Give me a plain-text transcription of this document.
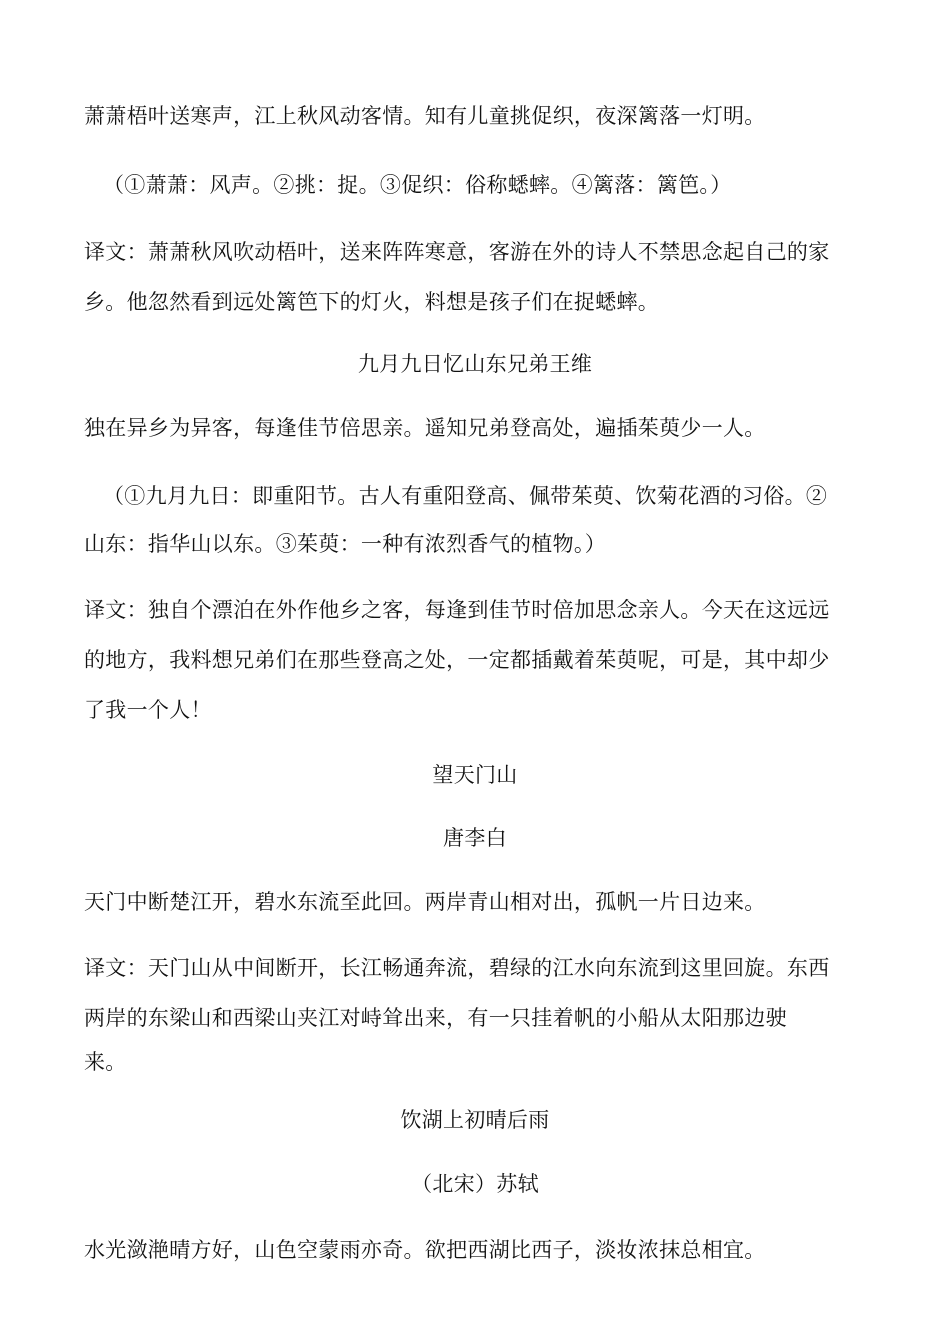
萧萧梧叶送寒声，江上秋风动客情。知有儿童挑促织，夜深篱落一灯明。
（①萧萧：风声。②挑：捉。③促织：俗称蟋蟀。④篱落：篱笆。）
译文：萧萧秋风吹动梧叶，送来阵阵寒意，客游在外的诗人不禁思念起自己的家
乡。他忽然看到远处篱笆下的灯火，料想是孩子们在捉蟋蟀。
九月九日忆山东兄弟王维
独在异乡为异客，每逢佳节倍思亲。遥知兄弟登高处，遍插茱萸少一人。
（①九月九日：即重阳节。古人有重阳登高、佩带茱萸、饮菊花酒的习俗。②
山东：指华山以东。③茱萸：一种有浓烈香气的植物。）
译文：独自个漂泊在外作他乡之客，每逢到佳节时倍加思念亲人。今天在这远远
的地方，我料想兄弟们在那些登高之处，一定都插戴着茱萸呢，可是，其中却少
了我一个人！
望天门山
唐李白
天门中断楚江开，碧水东流至此回。两岸青山相对出，孤帆一片日边来。
译文：天门山从中间断开，长江畅通奔流，碧绿的江水向东流到这里回旋。东西
两岸的东梁山和西梁山夹江对峙耸出来，有一只挂着帆的小船从太阳那边驶
来。
饮湖上初晴后雨
（北宋）苏轼
水光潋滟晴方好，山色空蒙雨亦奇。欲把西湖比西子，淡妆浓抹总相宜。
